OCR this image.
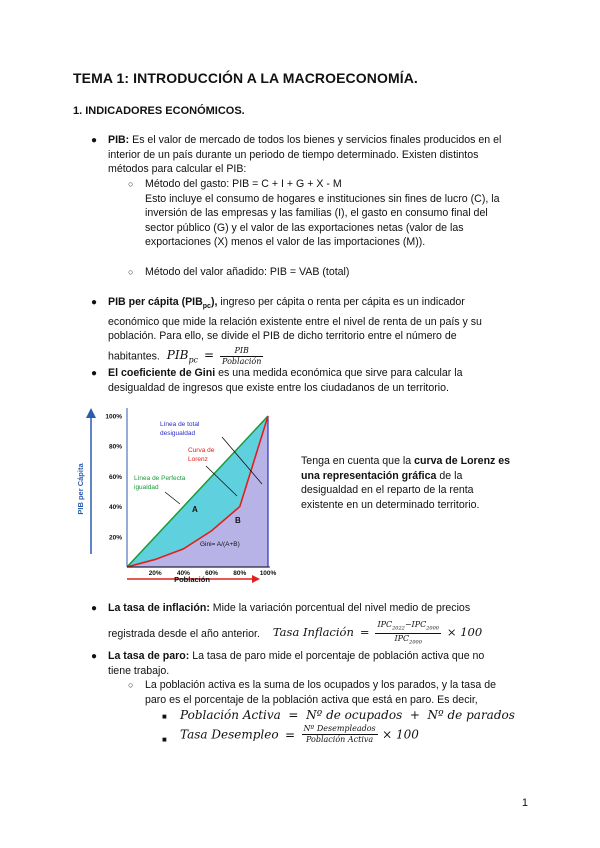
TEMA 1: INTRODUCCIÓN A LA MACROECONOMÍA.
1. INDICADORES ECONÓMICOS.
● PIB: Es el valor de mercado de todos los bienes y servicios finales producidos en el
interior de un país durante un periodo de tiempo determinado. Existen distintos
métodos para calcular el PIB:
○ Método del gasto: PIB = C + I + G + X - M
Esto incluye el consumo de hogares e instituciones sin fines de lucro (C), la
inversión de las empresas y las familias (I), el gasto en consumo final del
sector público (G) y el valor de las exportaciones netas (valor de las
exportaciones (X) menos el valor de las importaciones (M)).
○ Método del valor añadido: PIB = VAB (total)
● PIB per cápita $(PIB_{pc})$, ingreso per cápita o renta per cápita es un indicador
económico que mide la relación existente entre el nivel de renta de un país y su
población. Para ello, se divide el PIB de dicho territorio entre el número de
habitantes. $PIB_{pc} = \frac{\text{PIB}}{\text{Población}}$
● El coeficiente de Gini es una medida económica que sirve para calcular la
desigualdad de ingresos que existe entre los ciudadanos de un territorio.
PIB per Cápita
Población
20%
40%
60%
80%
100%
20% 40% 60% 80% 100%
Línea de total
desigualdad
Curva de
Lorenz
Línea de Perfecta
igualdad
A
B
Gini= A/(A+B)
Tenga en cuenta que la curva de Lorenz es
una representación gráfica de la
desigualdad en el reparto de la renta
existente en un determinado territorio.
● La tasa de inflación: Mide la variación porcentual del nivel medio de precios
registrada desde el año anterior. Tasa Inflación = $\frac{IPC_{2022}-IPC_{2000}}{IPC_{2000}} \times 100$
● La tasa de paro: La tasa de paro mide el porcentaje de población activa que no
tiene trabajo.
○ La población activa es la suma de los ocupados y los parados, y la tasa de
paro es el porcentaje de la población activa que está en paro. Es decir,
■ Población Activa  =  Nº de ocupados  +  Nº de parados
■ Tasa Desempleo = $\frac{\text{Nº Desempleados}}{\text{Población Activa}} \times 100$
1
